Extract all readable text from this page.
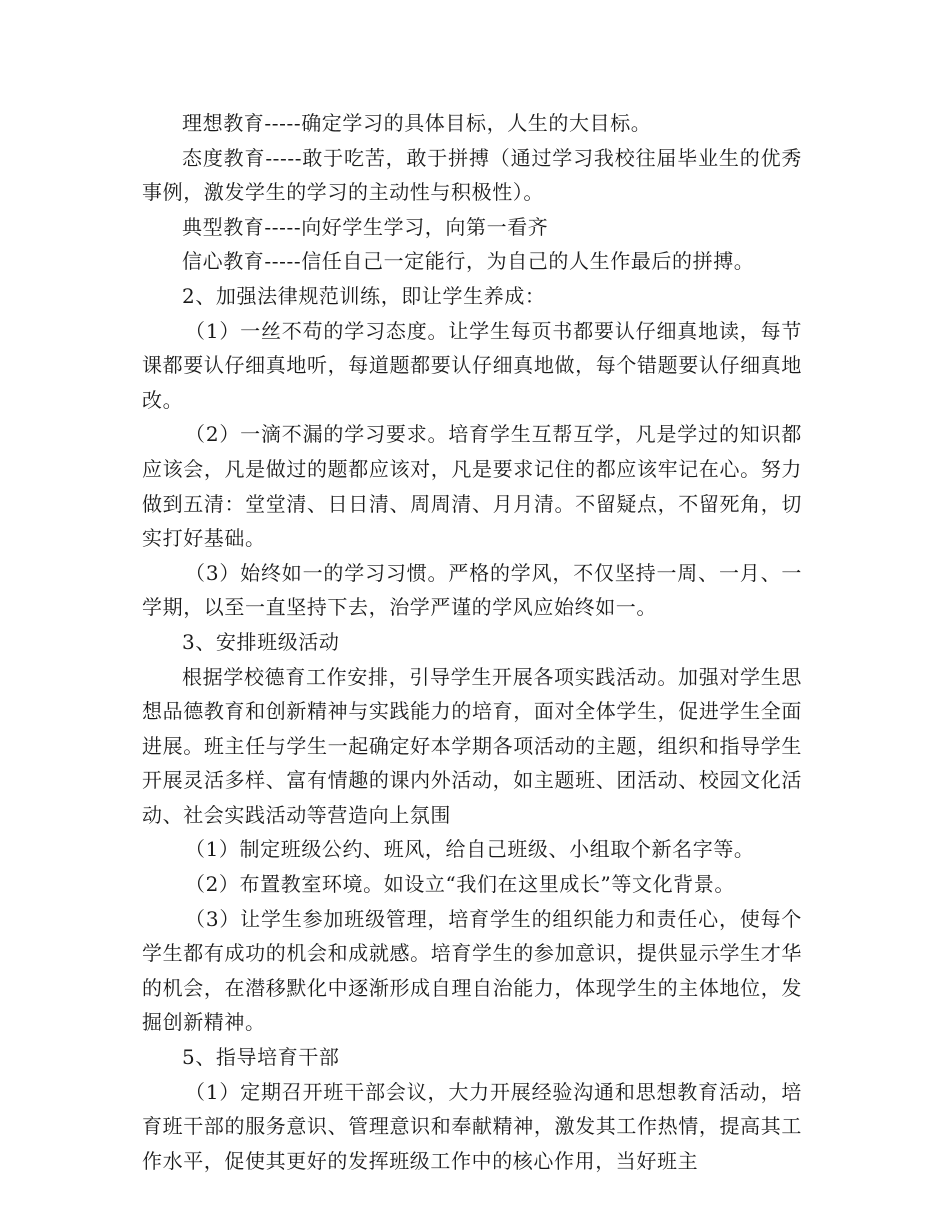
理想教育-----确定学习的具体目标，人生的大目标。

态度教育-----敢于吃苦，敢于拼搏（通过学习我校往届毕业生的优秀事例，激发学生的学习的主动性与积极性）。

典型教育-----向好学生学习，向第一看齐

信心教育-----信任自己一定能行，为自己的人生作最后的拼搏。

2、加强法律规范训练，即让学生养成：

（1）一丝不苟的学习态度。让学生每页书都要认仔细真地读，每节课都要认仔细真地听，每道题都要认仔细真地做，每个错题要认仔细真地改。

（2）一滴不漏的学习要求。培育学生互帮互学，凡是学过的知识都应该会，凡是做过的题都应该对，凡是要求记住的都应该牢记在心。努力做到五清：堂堂清、日日清、周周清、月月清。不留疑点，不留死角，切实打好基础。

（3）始终如一的学习习惯。严格的学风，不仅坚持一周、一月、一学期，以至一直坚持下去，治学严谨的学风应始终如一。

3、安排班级活动

根据学校德育工作安排，引导学生开展各项实践活动。加强对学生思想品德教育和创新精神与实践能力的培育，面对全体学生，促进学生全面进展。班主任与学生一起确定好本学期各项活动的主题，组织和指导学生开展灵活多样、富有情趣的课内外活动，如主题班、团活动、校园文化活动、社会实践活动等营造向上氛围

（1）制定班级公约、班风，给自己班级、小组取个新名字等。

（2）布置教室环境。如设立“我们在这里成长”等文化背景。

（3）让学生参加班级管理，培育学生的组织能力和责任心，使每个学生都有成功的机会和成就感。培育学生的参加意识，提供显示学生才华的机会，在潜移默化中逐渐形成自理自治能力，体现学生的主体地位，发掘创新精神。

5、指导培育干部

（1）定期召开班干部会议，大力开展经验沟通和思想教育活动，培育班干部的服务意识、管理意识和奉献精神，激发其工作热情，提高其工作水平，促使其更好的发挥班级工作中的核心作用，当好班主
